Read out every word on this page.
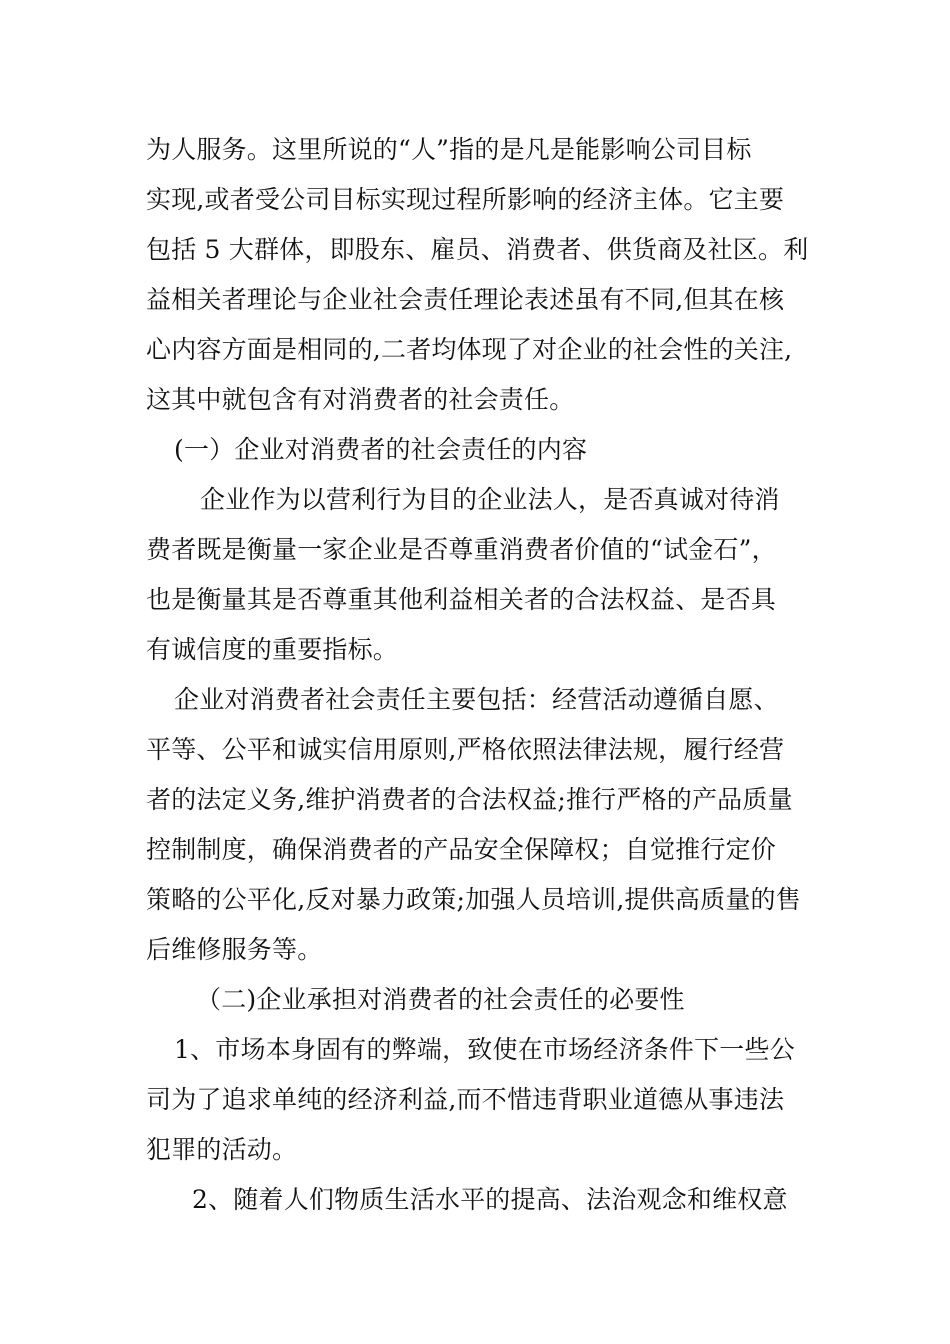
为人服务。这里所说的“人”指的是凡是能影响公司目标
实现,或者受公司目标实现过程所影响的经济主体。它主要
包括 5 大群体，即股东、雇员、消费者、供货商及社区。利
益相关者理论与企业社会责任理论表述虽有不同,但其在核
心内容方面是相同的,二者均体现了对企业的社会性的关注,
这其中就包含有对消费者的社会责任。
(一）企业对消费者的社会责任的内容
企业作为以营利行为目的企业法人，是否真诚对待消
费者既是衡量一家企业是否尊重消费者价值的“试金石”，
也是衡量其是否尊重其他利益相关者的合法权益、是否具
有诚信度的重要指标。
企业对消费者社会责任主要包括：经营活动遵循自愿、
平等、公平和诚实信用原则,严格依照法律法规，履行经营
者的法定义务,维护消费者的合法权益;推行严格的产品质量
控制制度，确保消费者的产品安全保障权；自觉推行定价
策略的公平化,反对暴力政策;加强人员培训,提供高质量的售
后维修服务等。
（二)企业承担对消费者的社会责任的必要性
1、市场本身固有的弊端，致使在市场经济条件下一些公
司为了追求单纯的经济利益,而不惜违背职业道德从事违法
犯罪的活动。
2、随着人们物质生活水平的提高、法治观念和维权意
